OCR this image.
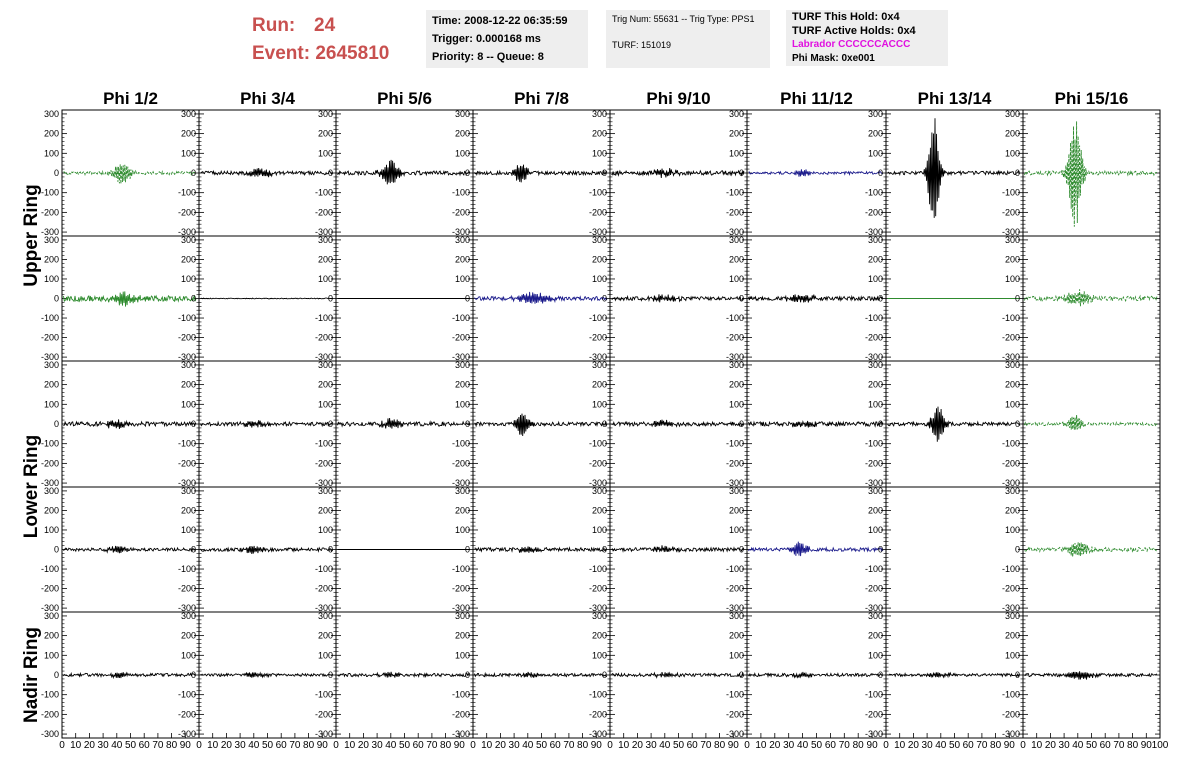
Run: 24
Event: 2645810
Time: 2008-12-22 06:35:59
Trigger: 0.000168 ms
Priority: 8 -- Queue: 8
Trig Num: 55631 -- Trig Type: PPS1
TURF: 151019
TURF This Hold: 0x4
TURF Active Holds: 0x4
Labrador CCCCCCACCC
Phi Mask: 0xe001
Phi 1/2	Phi 3/4	Phi 5/6	Phi 7/8	Phi 9/10	Phi 11/12	Phi 13/14	Phi 15/16
Upper Ring
Lower Ring
Nadir Ring
300
200
100
0
-100
-200
-300
300
200
100
0
-100
-200
-300
300
200
100
0
-100
-200
-300
300
200
100
0
-100
-200
-300
300
200
100
0
-100
-200
-300
300
200
100
0
-100
-200
-300
300
200
100
0
-100
-200
-300
300
200
100
0
-100
-200
-300
300
200
100
0
-100
-200
-300
300
200
100
0
-100
-200
-300
300
200
100
0
-100
-200
-300
300
200
100
0
-100
-200
-300
300
200
100
0
-100
-200
-300
300
200
100
0
-100
-200
-300
300
200
100
0
-100
-200
-300
300
200
100
0
-100
-200
-300
300
200
100
0
-100
-200
-300
300
200
100
0
-100
-200
-300
300
200
100
0
-100
-200
-300
300
200
100
0
-100
-200
-300
300
200
100
0
-100
-200
-300
300
200
100
0
-100
-200
-300
300
200
100
0
-100
-200
-300
300
200
100
0
-100
-200
-300
300
200
100
0
-100
-200
-300
300
200
100
0
-100
-200
-300
300
200
100
0
-100
-200
-300
300
200
100
0
-100
-200
-300
300
200
100
0
-100
-200
-300
300
200
100
0
-100
-200
-300
300
200
100
0
-100
-200
-300
300
200
100
0
-100
-200
-300
300
200
100
0
-100
-200
-300
0 10 20 30 40 50 60 70 80 90
300
200
100
0
-100
-200
-300
0 10 20 30 40 50 60 70 80 90
300
200
100
0
-100
-200
-300
0 10 20 30 40 50 60 70 80 90
300
200
100
0
-100
-200
-300
0 10 20 30 40 50 60 70 80 90
300
200
100
0
-100
-200
-300
0 10 20 30 40 50 60 70 80 90
300
200
100
0
-100
-200
-300
0 10 20 30 40 50 60 70 80 90
300
200
100
0
-100
-200
-300
0 10 20 30 40 50 60 70 80 90
300
200
100
0
-100
-200
-300
0 10 20 30 40 50 60 70 80 90 100
